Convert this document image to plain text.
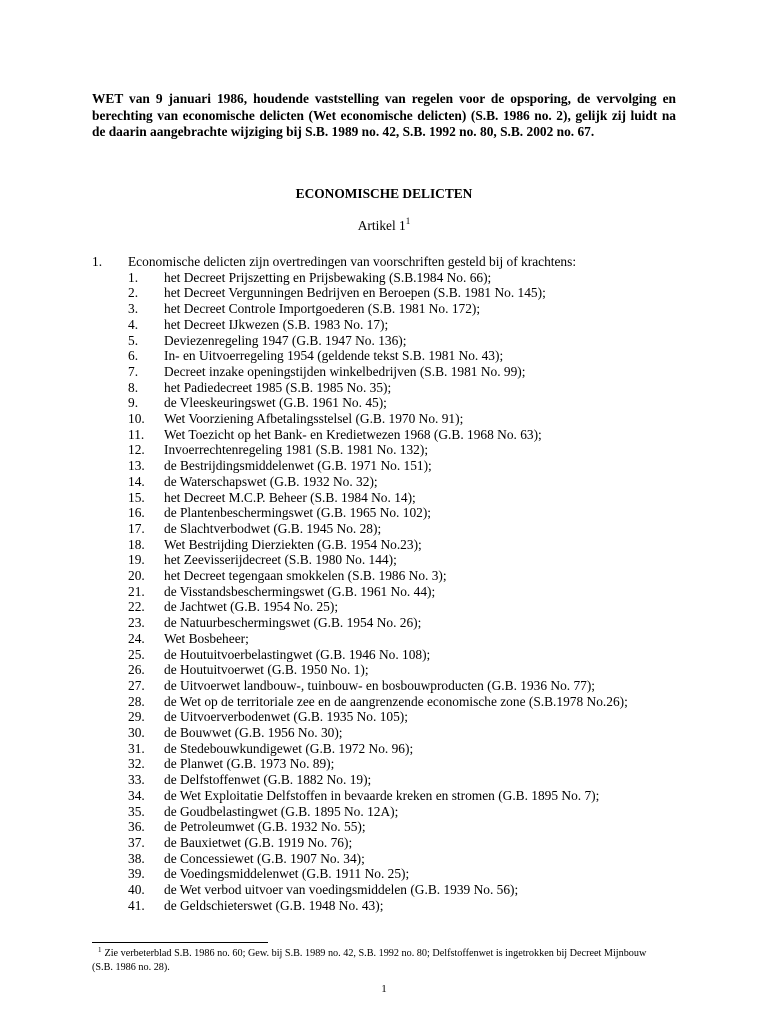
WET van 9 januari 1986, houdende vaststelling van regelen voor de opsporing, de vervolging en berechting van economische delicten (Wet economische delicten) (S.B. 1986 no. 2), gelijk zij luidt na de daarin aangebrachte wijziging bij S.B. 1989 no. 42, S.B. 1992 no. 80, S.B. 2002 no. 67.

ECONOMISCHE DELICTEN

Artikel $1^1$

1. Economische delicten zijn overtredingen van voorschriften gesteld bij of krachtens:
1.	het Decreet Prijszetting en Prijsbewaking (S.B.1984 No. 66);
2.	het Decreet Vergunningen Bedrijven en Beroepen (S.B. 1981 No. 145);
3.	het Decreet Controle Importgoederen (S.B. 1981 No. 172);
4.	het Decreet IJkwezen (S.B. 1983 No. 17);
5.	Deviezenregeling 1947 (G.B. 1947 No. 136);
6.	In- en Uitvoerregeling 1954 (geldende tekst S.B. 1981 No. 43);
7.	Decreet inzake openingstijden winkelbedrijven (S.B. 1981 No. 99);
8.	het Padiedecreet 1985 (S.B. 1985 No. 35);
9.	de Vleeskeuringswet (G.B. 1961 No. 45);
10.	Wet Voorziening Afbetalingsstelsel (G.B. 1970 No. 91);
11.	Wet Toezicht op het Bank- en Kredietwezen 1968 (G.B. 1968 No. 63);
12.	Invoerrechtenregeling 1981 (S.B. 1981 No. 132);
13.	de Bestrijdingsmiddelenwet (G.B. 1971 No. 151);
14.	de Waterschapswet (G.B. 1932 No. 32);
15.	het Decreet M.C.P. Beheer (S.B. 1984 No. 14);
16.	de Plantenbeschermingswet (G.B. 1965 No. 102);
17.	de Slachtverbodwet (G.B. 1945 No. 28);
18.	Wet Bestrijding Dierziekten (G.B. 1954 No.23);
19.	het Zeevisserijdecreet (S.B. 1980 No. 144);
20.	het Decreet tegengaan smokkelen (S.B. 1986 No. 3);
21.	de Visstandsbeschermingswet (G.B. 1961 No. 44);
22.	de Jachtwet (G.B. 1954 No. 25);
23.	de Natuurbeschermingswet (G.B. 1954 No. 26);
24.	Wet Bosbeheer;
25.	de Houtuitvoerbelastingwet (G.B. 1946 No. 108);
26.	de Houtuitvoerwet (G.B. 1950 No. 1);
27.	de Uitvoerwet landbouw-, tuinbouw- en bosbouwproducten (G.B. 1936 No. 77);
28.	de Wet op de territoriale zee en de aangrenzende economische zone (S.B.1978 No.26);
29.	de Uitvoerverbodenwet (G.B. 1935 No. 105);
30.	de Bouwwet (G.B. 1956 No. 30);
31.	de Stedebouwkundigewet (G.B. 1972 No. 96);
32.	de Planwet (G.B. 1973 No. 89);
33.	de Delfstoffenwet (G.B. 1882 No. 19);
34.	de Wet Exploitatie Delfstoffen in bevaarde kreken en stromen (G.B. 1895 No. 7);
35.	de Goudbelastingwet (G.B. 1895 No. 12A);
36.	de Petroleumwet (G.B. 1932 No. 55);
37.	de Bauxietwet (G.B. 1919 No. 76);
38.	de Concessiewet (G.B. 1907 No. 34);
39.	de Voedingsmiddelenwet (G.B. 1911 No. 25);
40.	de Wet verbod uitvoer van voedingsmiddelen (G.B. 1939 No. 56);
41.	de Geldschieterswet (G.B. 1948 No. 43);

$^1$ Zie verbeterblad S.B. 1986 no. 60; Gew. bij S.B. 1989 no. 42, S.B. 1992 no. 80; Delfstoffenwet is ingetrokken bij Decreet Mijnbouw (S.B. 1986 no. 28).

1
